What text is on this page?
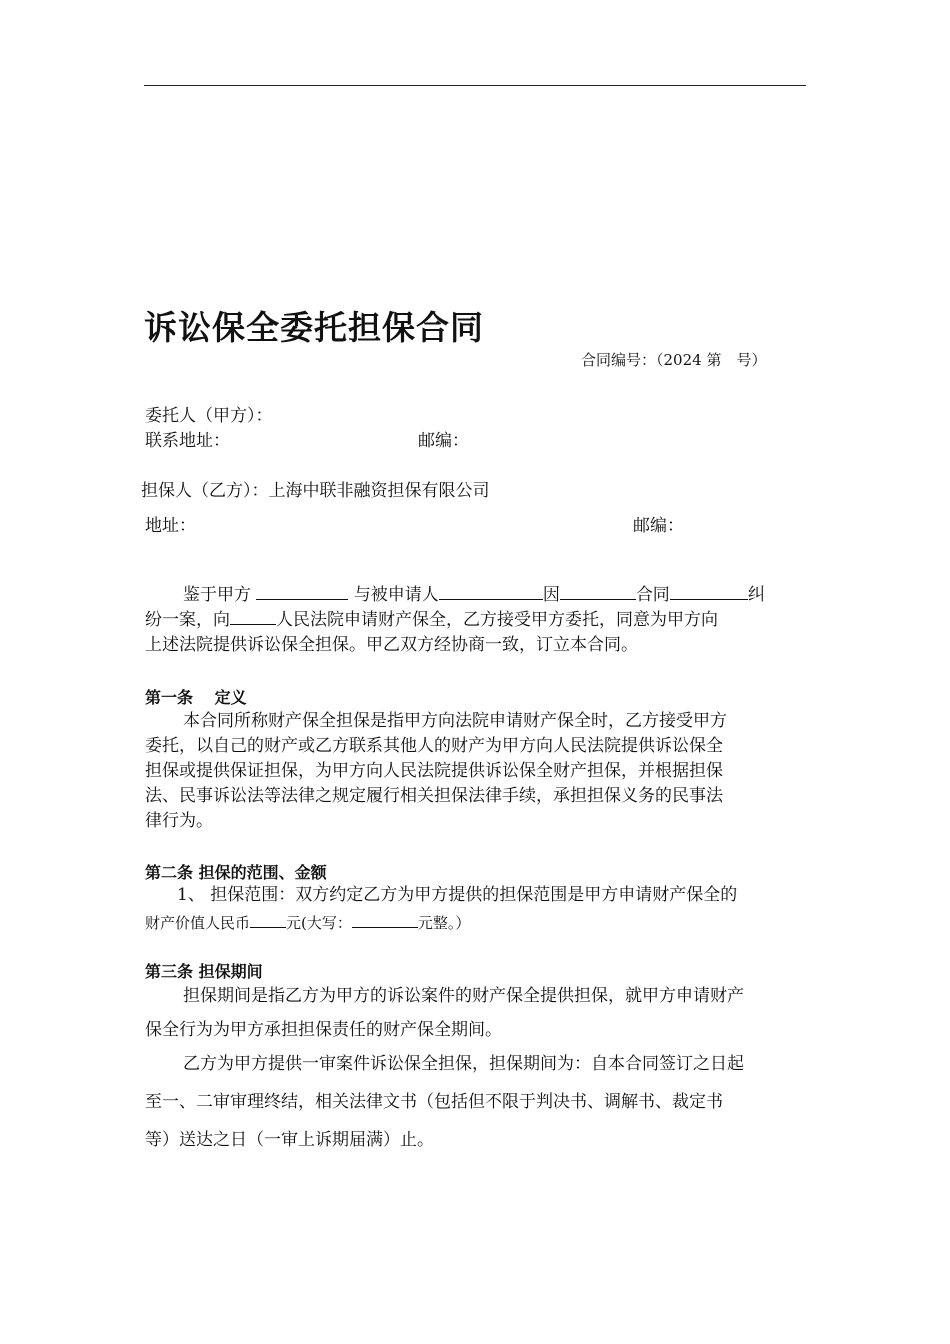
诉讼保全委托担保合同
合同编号：（2024 第　号）
委托人（甲方）：
联系地址：	邮编：
担保人（乙方）：上海中联非融资担保有限公司
地址：	邮编：
鉴于甲方	与被申请人	因	合同	纠
纷一案，向	人民法院申请财产保全，乙方接受甲方委托，同意为甲方向
上述法院提供诉讼保全担保。甲乙双方经协商一致，订立本合同。
第一条　 定义
本合同所称财产保全担保是指甲方向法院申请财产保全时，乙方接受甲方
委托，以自己的财产或乙方联系其他人的财产为甲方向人民法院提供诉讼保全
担保或提供保证担保，为甲方向人民法院提供诉讼保全财产担保，并根据担保
法、民事诉讼法等法律之规定履行相关担保法律手续，承担担保义务的民事法
律行为。
第二条 担保的范围、金额
1、 担保范围：双方约定乙方为甲方提供的担保范围是甲方申请财产保全的
财产价值人民币 元(大写：	元整。）
第三条 担保期间
担保期间是指乙方为甲方的诉讼案件的财产保全提供担保，就甲方申请财产
保全行为为甲方承担担保责任的财产保全期间。
乙方为甲方提供一审案件诉讼保全担保，担保期间为：自本合同签订之日起
至一、二审审理终结，相关法律文书（包括但不限于判决书、调解书、裁定书
等）送达之日（一审上诉期届满）止。
